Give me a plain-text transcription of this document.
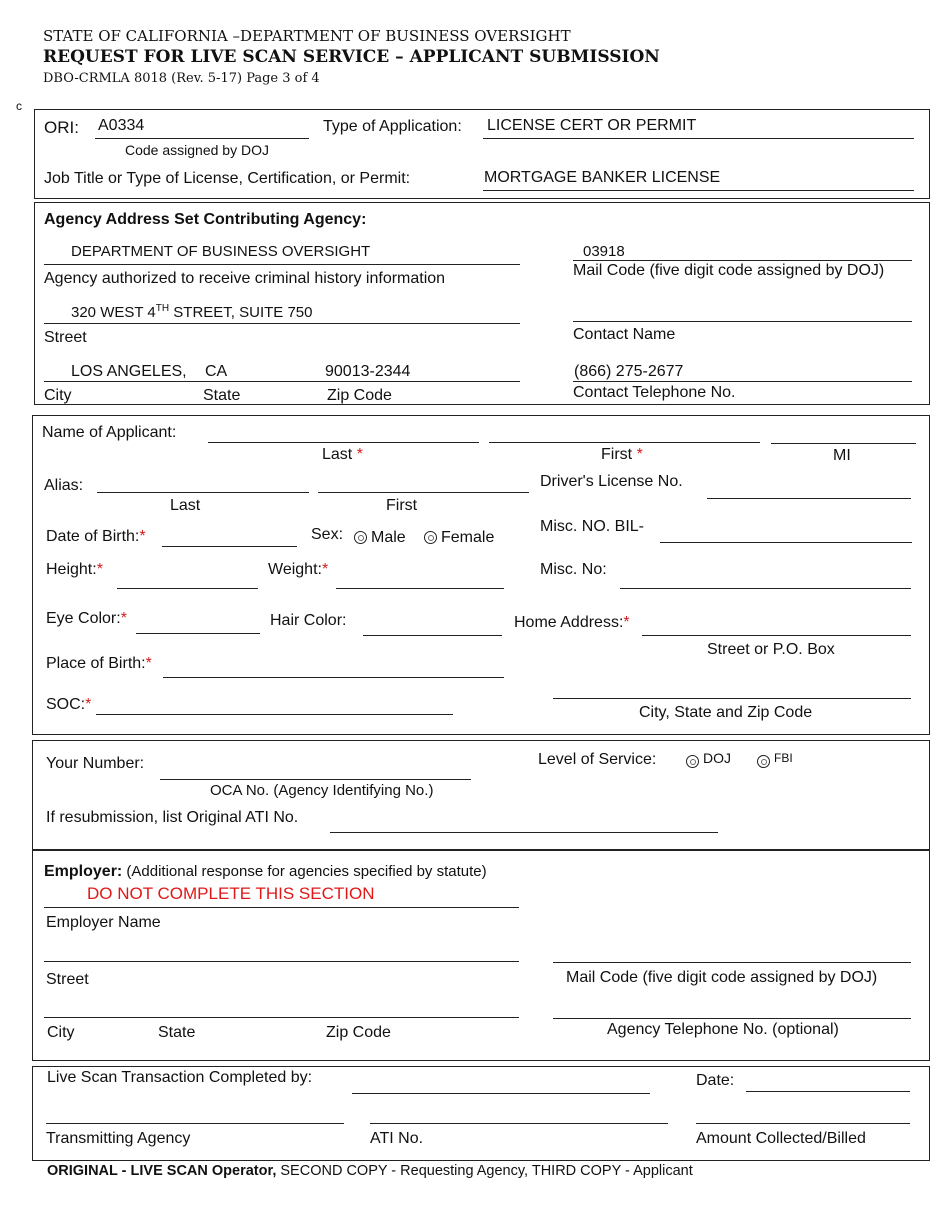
STATE OF CALIFORNIA –DEPARTMENT OF BUSINESS OVERSIGHT
REQUEST FOR LIVE SCAN SERVICE – APPLICANT SUBMISSION
DBO-CRMLA 8018 (Rev. 5-17) Page 3 of 4
c
ORI: A0334
Code assigned by DOJ
Type of Application: LICENSE CERT OR PERMIT
Job Title or Type of License, Certification, or Permit:	MORTGAGE BANKER LICENSE
Agency Address Set Contributing Agency:
DEPARTMENT OF BUSINESS OVERSIGHT
Agency authorized to receive criminal history information
320 WEST 4TH STREET, SUITE 750
Street
LOS ANGELES, CA	90013-2344
City	State	Zip Code
03918
Mail Code (five digit code assigned by DOJ)
Contact Name
(866) 275-2677
Contact Telephone No.
Name of Applicant:
Last *	First *	MI
Alias:
Last	First
Driver's License No.
Date of Birth:*	Sex:	Male	Female
Misc. NO. BIL-
Height:*	Weight:*	Misc. No:
Eye Color:*	Hair Color:	Home Address:*
Street or P.O. Box
Place of Birth:*
SOC:*	City, State and Zip Code
Your Number:
OCA No. (Agency Identifying No.)
If resubmission, list Original ATI No.
Level of Service:	DOJ	FBI
Employer: (Additional response for agencies specified by statute)
DO NOT COMPLETE THIS SECTION
Employer Name
Street
City	State	Zip Code
Mail Code (five digit code assigned by DOJ)
Agency Telephone No. (optional)
Live Scan Transaction Completed by:	Date:
Transmitting Agency	ATI No.	Amount Collected/Billed
ORIGINAL - LIVE SCAN Operator, SECOND COPY - Requesting Agency, THIRD COPY - Applicant
